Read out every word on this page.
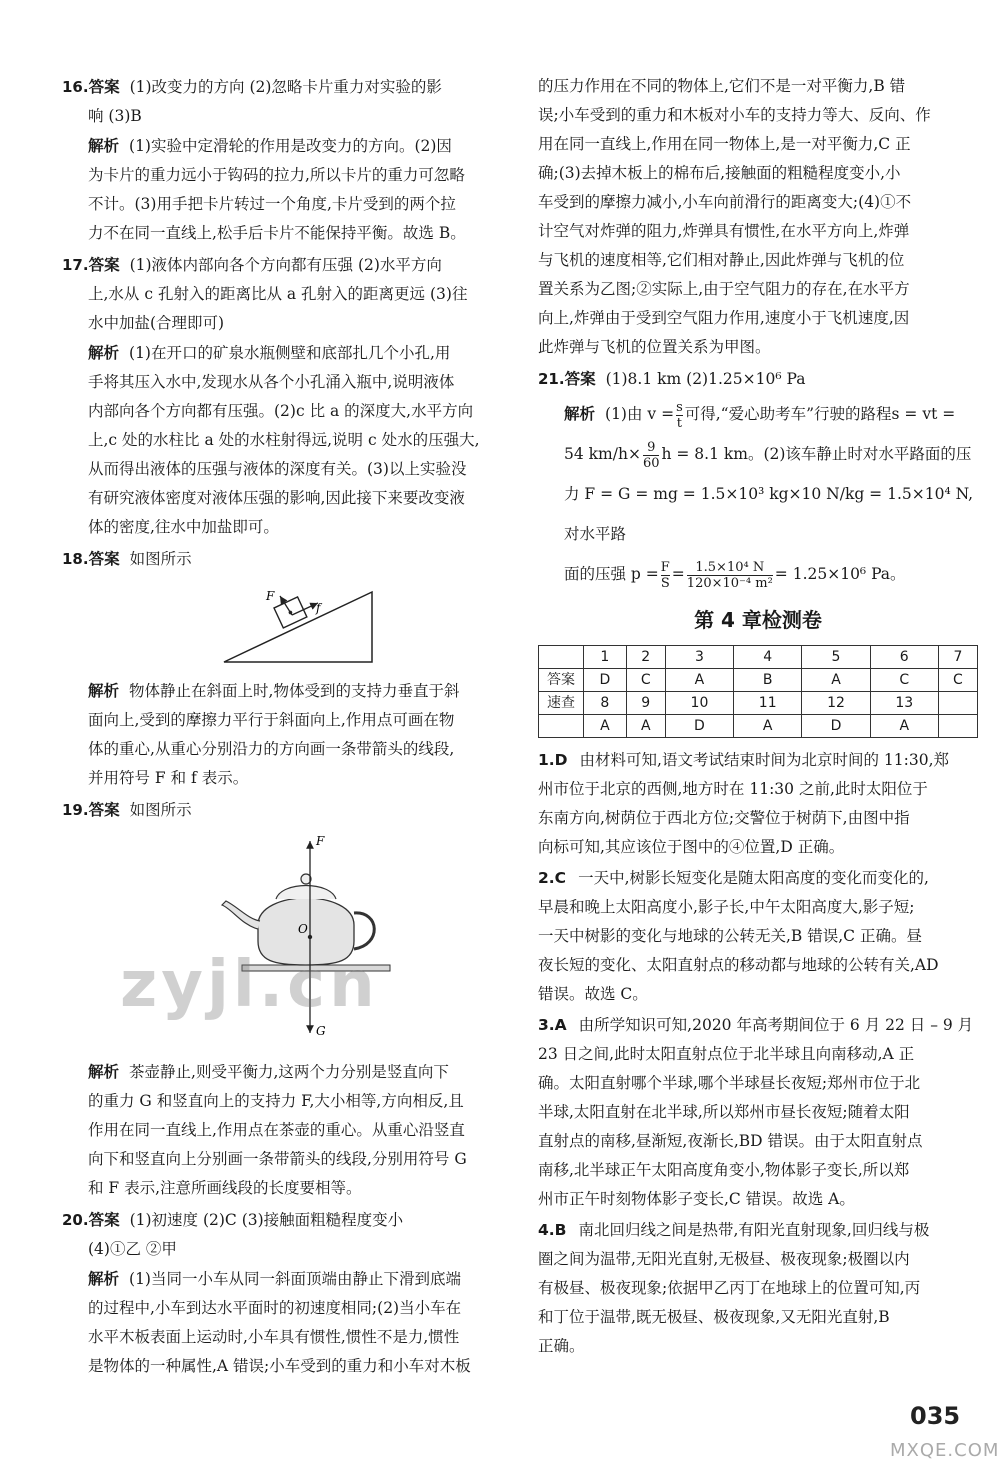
16.答案 (1)改变力的方向 (2)忽略卡片重力对实验的影
响 (3)B
解析 (1)实验中定滑轮的作用是改变力的方向。(2)因
为卡片的重力远小于钩码的拉力,所以卡片的重力可忽略
不计。(3)用手把卡片转过一个角度,卡片受到的两个拉
力不在同一直线上,松手后卡片不能保持平衡。故选 B。
17.答案 (1)液体内部向各个方向都有压强 (2)水平方向
上,水从 c 孔射入的距离比从 a 孔射入的距离更远 (3)往
水中加盐(合理即可)
解析 (1)在开口的矿泉水瓶侧壁和底部扎几个小孔,用
手将其压入水中,发现水从各个小孔涌入瓶中,说明液体
内部向各个方向都有压强。(2)c 比 a 的深度大,水平方向
上,c 处的水柱比 a 处的水柱射得远,说明 c 处水的压强大,
从而得出液体的压强与液体的深度有关。(3)以上实验没
有研究液体密度对液体压强的影响,因此接下来要改变液
体的密度,往水中加盐即可。
18.答案 如图所示
F
f
解析 物体静止在斜面上时,物体受到的支持力垂直于斜
面向上,受到的摩擦力平行于斜面向上,作用点可画在物
体的重心,从重心分别沿力的方向画一条带箭头的线段,
并用符号 F 和 f 表示。
19.答案 如图所示
F
O
G
解析 茶壶静止,则受平衡力,这两个力分别是竖直向下
的重力 G 和竖直向上的支持力 F,大小相等,方向相反,且
作用在同一直线上,作用点在茶壶的重心。从重心沿竖直
向下和竖直向上分别画一条带箭头的线段,分别用符号 G
和 F 表示,注意所画线段的长度要相等。
20.答案 (1)初速度 (2)C (3)接触面粗糙程度变小
(4)①乙 ②甲
解析 (1)当同一小车从同一斜面顶端由静止下滑到底端
的过程中,小车到达水平面时的初速度相同;(2)当小车在
水平木板表面上运动时,小车具有惯性,惯性不是力,惯性
是物体的一种属性,A 错误;小车受到的重力和小车对木板
zyjl.cn
的压力作用在不同的物体上,它们不是一对平衡力,B 错
误;小车受到的重力和木板对小车的支持力等大、反向、作
用在同一直线上,作用在同一物体上,是一对平衡力,C 正
确;(3)去掉木板上的棉布后,接触面的粗糙程度变小,小
车受到的摩擦力减小,小车向前滑行的距离变大;(4)①不
计空气对炸弹的阻力,炸弹具有惯性,在水平方向上,炸弹
与飞机的速度相等,它们相对静止,因此炸弹与飞机的位
置关系为乙图;②实际上,由于空气阻力的存在,在水平方
向上,炸弹由于受到空气阻力作用,速度小于飞机速度,因
此炸弹与飞机的位置关系为甲图。
21.答案 (1)8.1 km (2)1.25×10⁶ Pa
解析 (1)由 $v = \frac{s}{t}$ 可得,“爱心助考车”行驶的路程s = vt =
54 $km/h\times \frac{9}{60}$ h = 8.1 km。(2)该车静止时对水平路面的压
力 F = G = mg = 1.5×10³ kg×10 N/kg = 1.5×10⁴ N,对水平路
面的压强 $p = \frac{F}{S} = \frac{\text{1.5×10⁴ N}}{\text{120×10⁻⁴ m²}} = 1.25\times 10^6$ Pa。
第 4 章检测卷
	1	2	3	4	5	6	7
答案	D	C	A	B	A	C	C
速查	8	9	10	11	12	13	
	A	A	D	A	D	A	
1.D 由材料可知,语文考试结束时间为北京时间的 11:30,郑
州市位于北京的西侧,地方时在 11:30 之前,此时太阳位于
东南方向,树荫位于西北方位;交警位于树荫下,由图中指
向标可知,其应该位于图中的④位置,D 正确。
2.C 一天中,树影长短变化是随太阳高度的变化而变化的,
早晨和晚上太阳高度小,影子长,中午太阳高度大,影子短;
一天中树影的变化与地球的公转无关,B 错误,C 正确。昼
夜长短的变化、太阳直射点的移动都与地球的公转有关,AD
错误。故选 C。
3.A 由所学知识可知,2020 年高考期间位于 6 月 22 日 – 9 月
23 日之间,此时太阳直射点位于北半球且向南移动,A 正
确。太阳直射哪个半球,哪个半球昼长夜短;郑州市位于北
半球,太阳直射在北半球,所以郑州市昼长夜短;随着太阳
直射点的南移,昼渐短,夜渐长,BD 错误。由于太阳直射点
南移,北半球正午太阳高度角变小,物体影子变长,所以郑
州市正午时刻物体影子变长,C 错误。故选 A。
4.B 南北回归线之间是热带,有阳光直射现象,回归线与极
圈之间为温带,无阳光直射,无极昼、极夜现象;极圈以内
有极昼、极夜现象;依据甲乙丙丁在地球上的位置可知,丙
和丁位于温带,既无极昼、极夜现象,又无阳光直射,B
正确。
035
MXQE.COM
